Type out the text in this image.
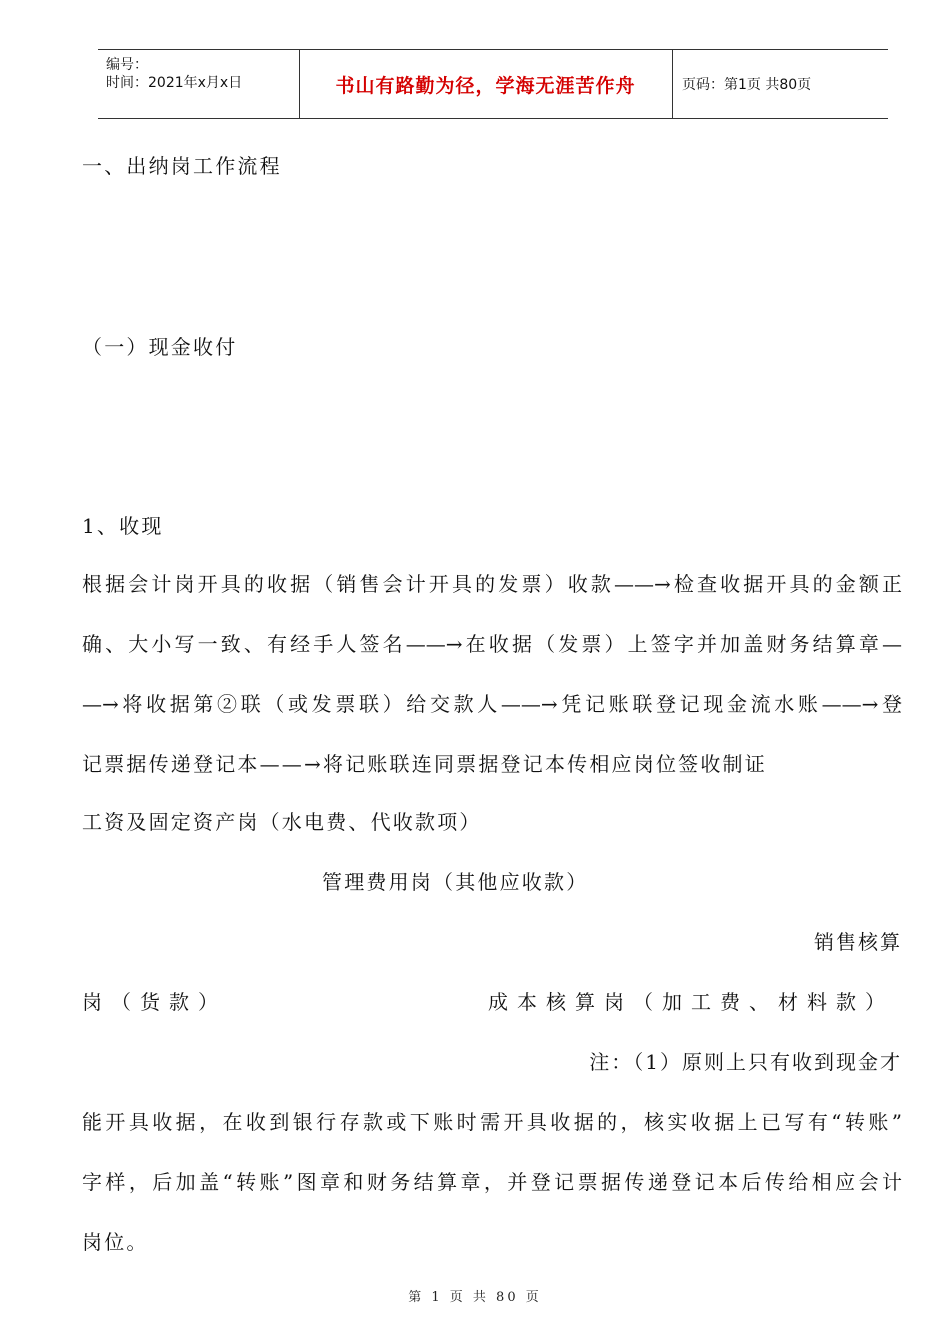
编号：
时间：2021年x月x日	书山有路勤为径，学海无涯苦作舟	页码：第1页 共80页
一、出纳岗工作流程
（一）现金收付
1、收现
根据会计岗开具的收据（销售会计开具的发票）收款——→检查收据开具的金额正
确、大小写一致、有经手人签名——→在收据（发票）上签字并加盖财务结算章—
—→将收据第②联（或发票联）给交款人——→凭记账联登记现金流水账——→登
记票据传递登记本——→将记账联连同票据登记本传相应岗位签收制证
工资及固定资产岗（水电费、代收款项）
管理费用岗（其他应收款）
销售核算
岗（货款）	成本核算岗（加工费、材料款）
注：（1）原则上只有收到现金才
能开具收据，在收到银行存款或下账时需开具收据的，核实收据上已写有“转账”
字样，后加盖“转账”图章和财务结算章，并登记票据传递登记本后传给相应会计
岗位。
第 1 页 共 80 页
